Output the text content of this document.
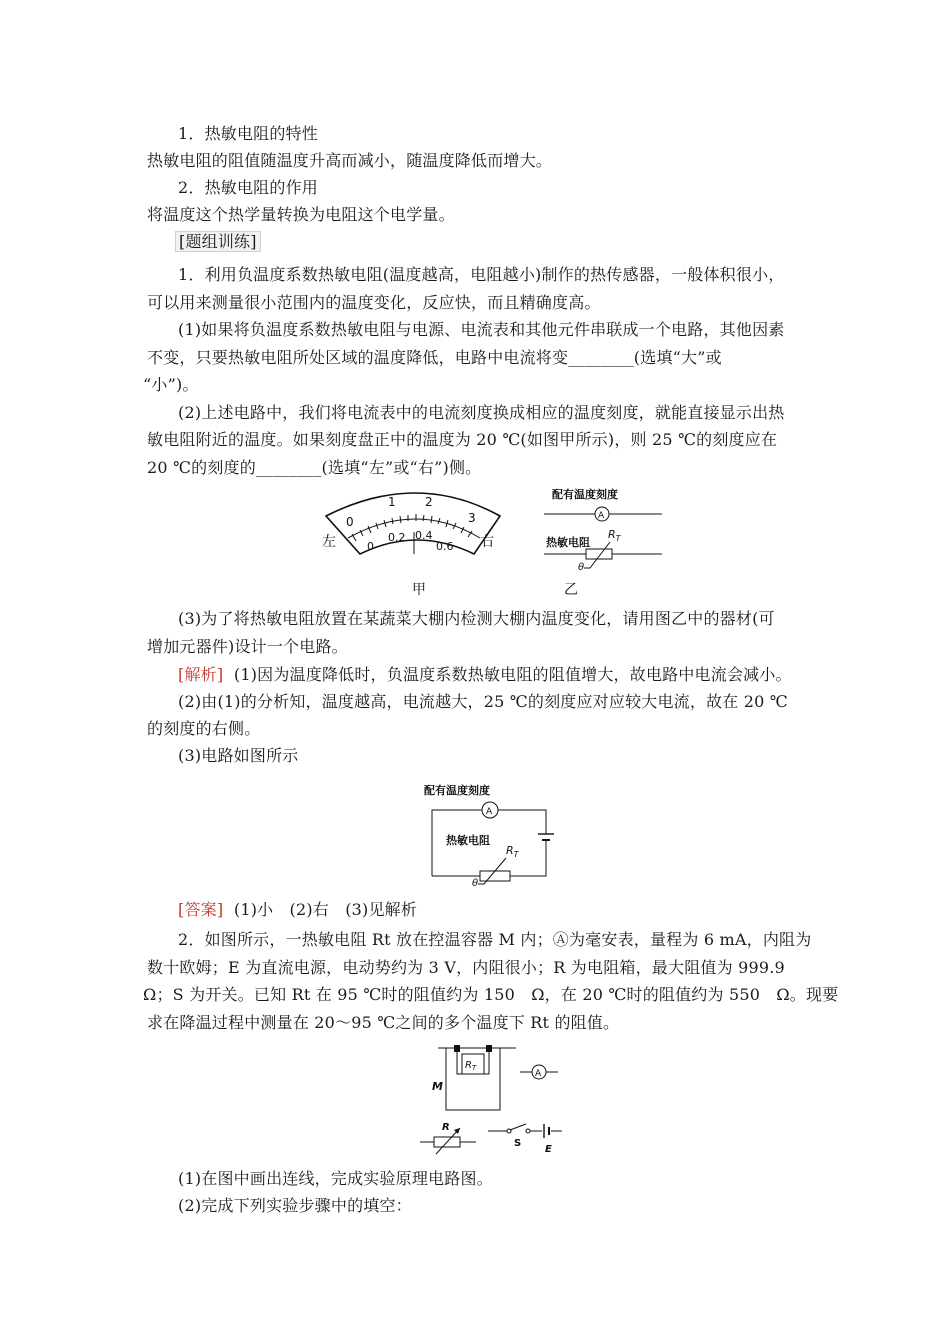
1．热敏电阻的特性
热敏电阻的阻值随温度升高而减小，随温度降低而增大。
2．热敏电阻的作用
将温度这个热学量转换为电阻这个电学量。
[题组训练]
1．利用负温度系数热敏电阻(温度越高，电阻越小)制作的热传感器，一般体积很小，
可以用来测量很小范围内的温度变化，反应快，而且精确度高。
(1)如果将负温度系数热敏电阻与电源、电流表和其他元件串联成一个电路，其他因素
不变，只要热敏电阻所处区域的温度降低，电路中电流将变________(选填“大”或
“小”)。
(2)上述电路中，我们将电流表中的电流刻度换成相应的温度刻度，就能直接显示出热
敏电阻附近的温度。如果刻度盘正中的温度为 20 ℃(如图甲所示)，则 25 ℃的刻度应在
20 ℃的刻度的________(选填“左”或“右”)侧。
0
1 2
3
0
0.2 0.4
0.6
左	右
甲
配有温度刻度
A
热敏电阻
$R_T$
θ
乙
(3)为了将热敏电阻放置在某蔬菜大棚内检测大棚内温度变化，请用图乙中的器材(可
增加元器件)设计一个电路。
[解析] (1)因为温度降低时，负温度系数热敏电阻的阻值增大，故电路中电流会减小。
(2)由(1)的分析知，温度越高，电流越大，25 ℃的刻度应对应较大电流，故在 20 ℃
的刻度的右侧。
(3)电路如图所示
配有温度刻度
A
热敏电阻
$R_T$
θ
[答案] (1)小　(2)右　(3)见解析
2．如图所示，一热敏电阻 Rt 放在控温容器 M 内；Ⓐ为毫安表，量程为 6 mA，内阻为
数十欧姆；E 为直流电源，电动势约为 3 V，内阻很小；R 为电阻箱，最大阻值为 999.9
Ω；S 为开关。已知 Rt 在 95 ℃时的阻值约为 150　Ω，在 20 ℃时的阻值约为 550　Ω。现要
求在降温过程中测量在 20～95 ℃之间的多个温度下 Rt 的阻值。
$R_T$
M
A
S
E
R
(1)在图中画出连线，完成实验原理电路图。
(2)完成下列实验步骤中的填空：
